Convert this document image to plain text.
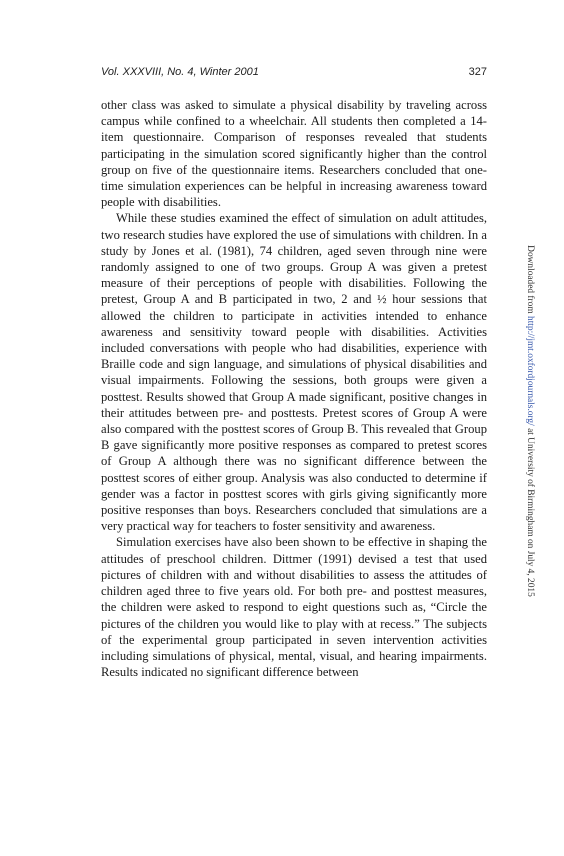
Vol. XXXVIII, No. 4, Winter 2001	327

other class was asked to simulate a physical disability by traveling across campus while confined to a wheelchair. All students then completed a 14-item questionnaire. Comparison of responses revealed that students participating in the simulation scored significantly higher than the control group on five of the questionnaire items. Researchers concluded that one-time simulation experiences can be helpful in increasing awareness toward people with disabilities.

While these studies examined the effect of simulation on adult attitudes, two research studies have explored the use of simulations with children. In a study by Jones et al. (1981), 74 children, aged seven through nine were randomly assigned to one of two groups. Group A was given a pretest measure of their perceptions of people with disabilities. Following the pretest, Group A and B participated in two, 2 and ½ hour sessions that allowed the children to participate in activities intended to enhance awareness and sensitivity toward people with disabilities. Activities included conversations with people who had disabilities, experience with Braille code and sign language, and simulations of physical disabilities and visual impairments. Following the sessions, both groups were given a posttest. Results showed that Group A made significant, positive changes in their attitudes between pre- and posttests. Pretest scores of Group A were also compared with the posttest scores of Group B. This revealed that Group B gave significantly more positive responses as compared to pretest scores of Group A although there was no significant difference between the posttest scores of either group. Analysis was also conducted to determine if gender was a factor in posttest scores with girls giving significantly more positive responses than boys. Researchers concluded that simulations are a very practical way for teachers to foster sensitivity and awareness.

Simulation exercises have also been shown to be effective in shaping the attitudes of preschool children. Dittmer (1991) devised a test that used pictures of children with and without disabilities to assess the attitudes of children aged three to five years old. For both pre- and posttest measures, the children were asked to respond to eight questions such as, “Circle the pictures of the children you would like to play with at recess.” The subjects of the experimental group participated in seven intervention activities including simulations of physical, mental, visual, and hearing impairments. Results indicated no significant difference between

Downloaded from http://jmt.oxfordjournals.org/ at University of Birmingham on July 4, 2015
